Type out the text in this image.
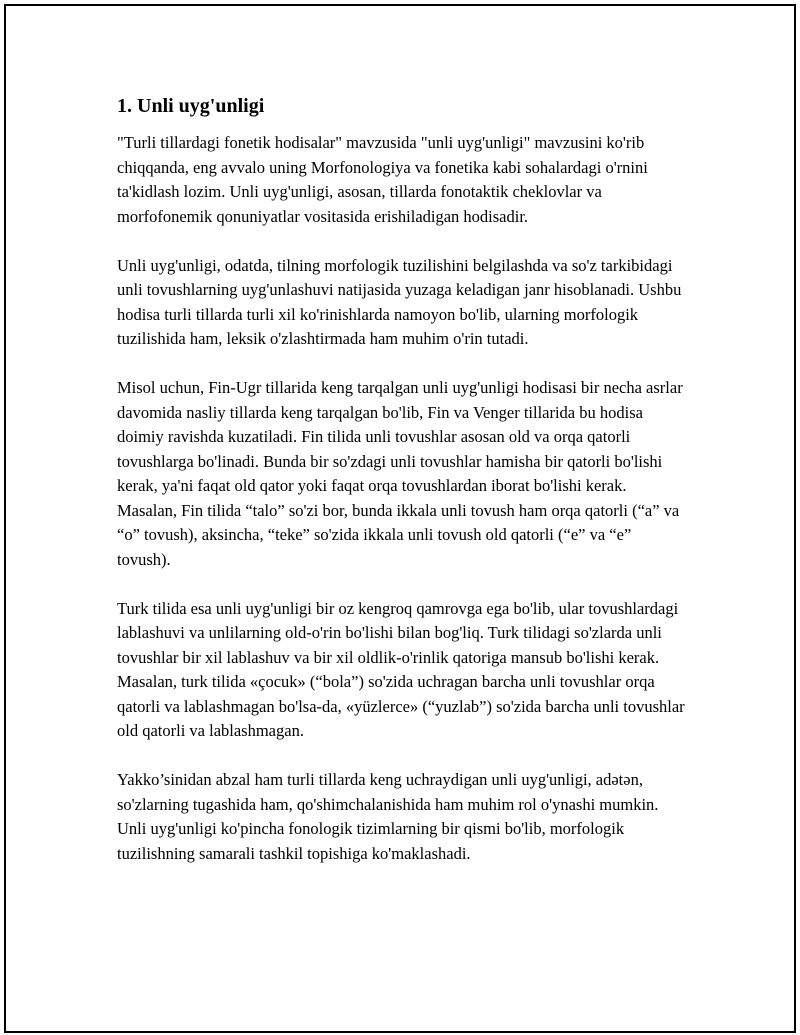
1. Unli uyg'unligi

"Turli tillardagi fonetik hodisalar" mavzusida "unli uyg'unligi" mavzusini ko'rib chiqqanda, eng avvalo uning Morfonologiya va fonetika kabi sohalardagi o'rnini ta'kidlash lozim. Unli uyg'unligi, asosan, tillarda fonotaktik cheklovlar va morfofonemik qonuniyatlar vositasida erishiladigan hodisadir.

Unli uyg'unligi, odatda, tilning morfologik tuzilishini belgilashda va so'z tarkibidagi unli tovushlarning uyg'unlashuvi natijasida yuzaga keladigan janr hisoblanadi. Ushbu hodisa turli tillarda turli xil ko'rinishlarda namoyon bo'lib, ularning morfologik tuzilishida ham, leksik o'zlashtirmada ham muhim o'rin tutadi.

Misol uchun, Fin-Ugr tillarida keng tarqalgan unli uyg'unligi hodisasi bir necha asrlar davomida nasliy tillarda keng tarqalgan bo'lib, Fin va Venger tillarida bu hodisa doimiy ravishda kuzatiladi. Fin tilida unli tovushlar asosan old va orqa qatorli tovushlarga bo'linadi. Bunda bir so'zdagi unli tovushlar hamisha bir qatorli bo'lishi kerak, ya'ni faqat old qator yoki faqat orqa tovushlardan iborat bo'lishi kerak. Masalan, Fin tilida “talo” so'zi bor, bunda ikkala unli tovush ham orqa qatorli (“a” va “o” tovush), aksincha, “teke” so'zida ikkala unli tovush old qatorli (“e” va “e” tovush).

Turk tilida esa unli uyg'unligi bir oz kengroq qamrovga ega bo'lib, ular tovushlardagi lablashuvi va unlilarning old-o'rin bo'lishi bilan bog'liq. Turk tilidagi so'zlarda unli tovushlar bir xil lablashuv va bir xil oldlik-o'rinlik qatoriga mansub bo'lishi kerak. Masalan, turk tilida «çocuk» (“bola”) so'zida uchragan barcha unli tovushlar orqa qatorli va lablashmagan bo'lsa-da, «yüzlerce» (“yuzlab”) so'zida barcha unli tovushlar old qatorli va lablashmagan.

Yakko’sinidan abzal ham turli tillarda keng uchraydigan unli uyg'unligi, adətən, so'zlarning tugashida ham, qo'shimchalanishida ham muhim rol o'ynashi mumkin. Unli uyg'unligi ko'pincha fonologik tizimlarning bir qismi bo'lib, morfologik tuzilishning samarali tashkil topishiga ko'maklashadi.
